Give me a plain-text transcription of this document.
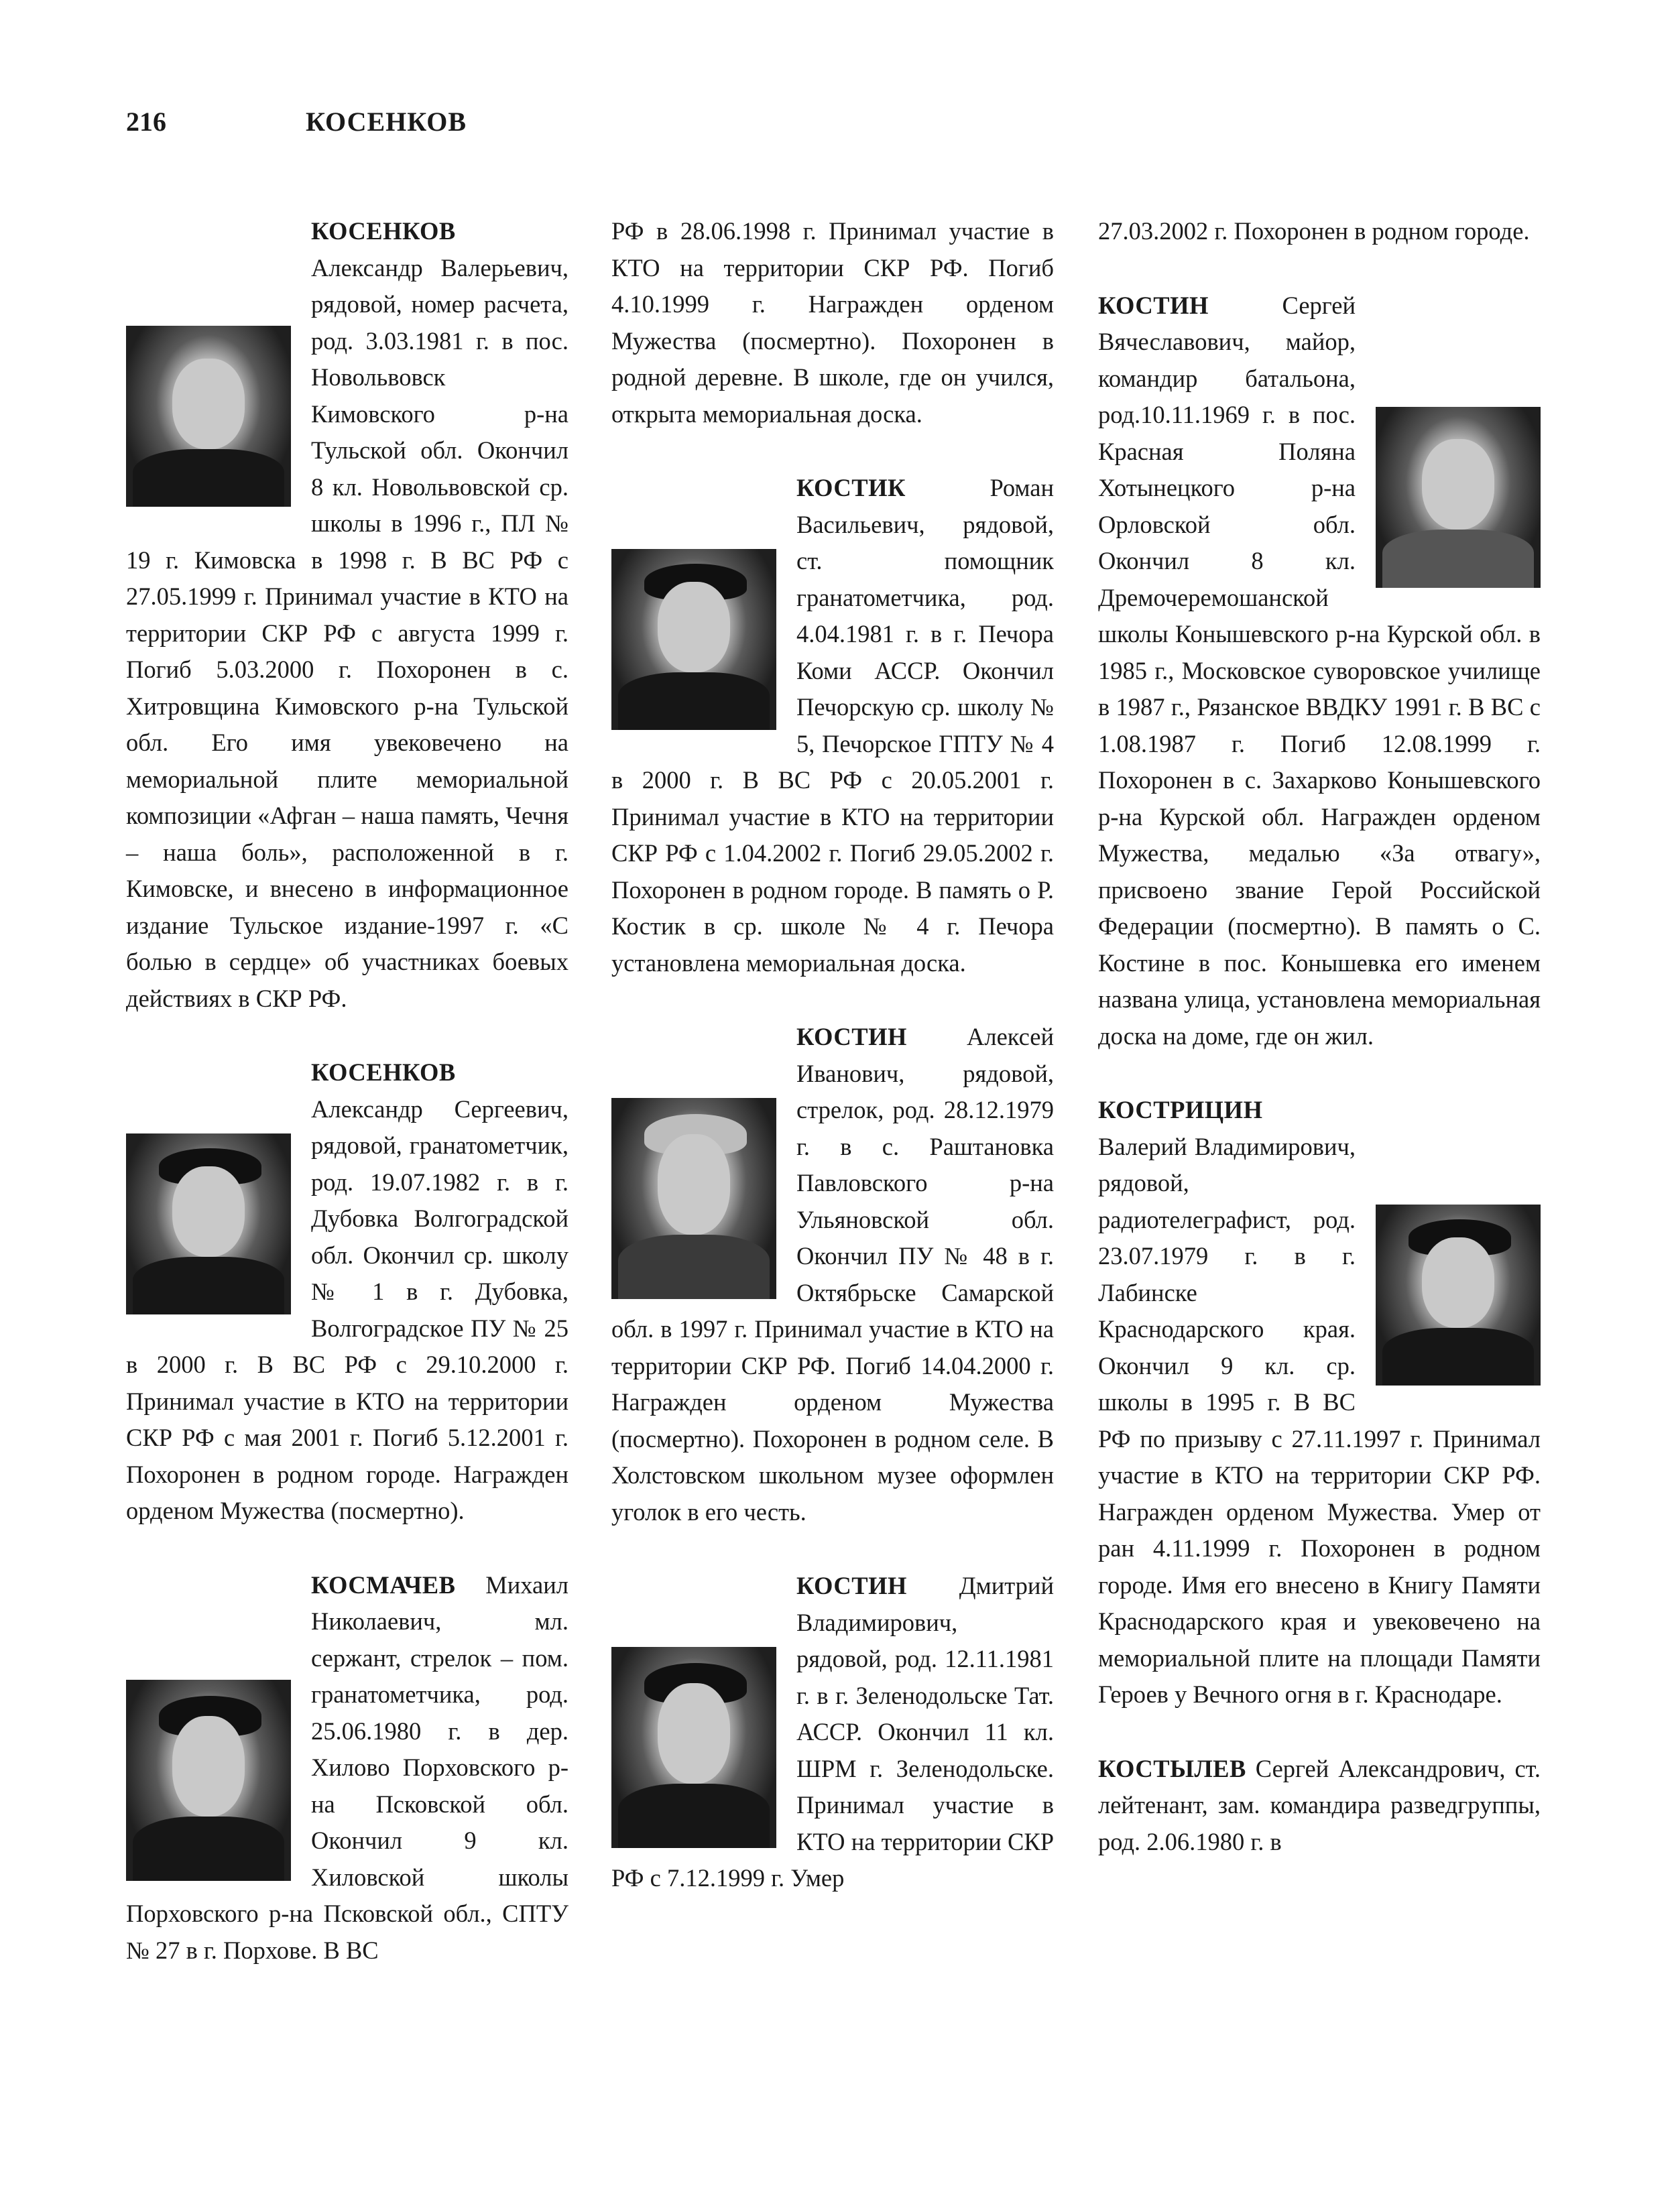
216	КОСЕНКОВ
КОСЕНКОВ Александр Валерьевич, рядовой, номер расчета, род. 3.03.1981 г. в пос. Новольвовск Кимовского р-на Тульской обл. Окончил 8 кл. Новольвовской ср. школы в 1996 г., ПЛ № 19 г. Кимовска в 1998 г. В ВС РФ с 27.05.1999 г. Принимал участие в КТО на территории СКР РФ с августа 1999 г. Погиб 5.03.2000 г. Похоронен в с. Хитровщина Кимовского р-на Тульской обл. Его имя увековечено на мемориальной плите мемориальной композиции «Афган – наша память, Чечня – наша боль», расположенной в г. Кимовске, и внесено в информационное издание Тульское издание-1997 г. «С болью в сердце» об участниках боевых действиях в СКР РФ.
КОСЕНКОВ Александр Сергеевич, рядовой, гранатометчик, род. 19.07.1982 г. в г. Дубовка Волгоградской обл. Окончил ср. школу № 1 в г. Дубовка, Волгоградское ПУ № 25 в 2000 г. В ВС РФ с 29.10.2000 г. Принимал участие в КТО на территории СКР РФ с мая 2001 г. Погиб 5.12.2001 г. Похоронен в родном городе. Награжден орденом Мужества (посмертно).
КОСМАЧЕВ Михаил Николаевич, мл. сержант, стрелок – пом. гранатометчика, род. 25.06.1980 г. в дер. Хилово Порховского р-на Псковской обл. Окончил 9 кл. Хиловской школы Порховского р-на Псковской обл., СПТУ № 27 в г. Порхове. В ВС
РФ в 28.06.1998 г. Принимал участие в КТО на территории СКР РФ. Погиб 4.10.1999 г. Награжден орденом Мужества (посмертно). Похоронен в родной деревне. В школе, где он учился, открыта мемориальная доска.
КОСТИК	Роман Васильевич, рядовой, ст. помощник гранатометчика, род. 4.04.1981 г. в г. Печора Коми АССР. Окончил Печорскую ср. школу № 5, Печорское ГПТУ № 4 в 2000 г. В ВС РФ с 20.05.2001 г. Принимал участие в КТО на территории СКР РФ с 1.04.2002 г. Погиб 29.05.2002 г. Похоронен в родном городе. В память о Р. Костик в ср. школе № 4 г. Печора установлена мемориальная доска.
КОСТИН Алексей Иванович, рядовой, стрелок, род. 28.12.1979 г. в с. Раштановка Павловского р-на Ульяновской обл. Окончил ПУ № 48 в г. Октябрьске Самарской обл. в 1997 г. Принимал участие в КТО на территории СКР РФ. Погиб 14.04.2000 г. Награжден орденом Мужества (посмертно). Похоронен в родном селе. В Холстовском школьном музее оформлен уголок в его честь.
КОСТИН Дмитрий Владимирович, рядовой, род. 12.11.1981 г. в г. Зеленодольске Тат. АССР. Окончил 11 кл. ШРМ г. Зеленодольске. Принимал участие в КТО на территории СКР РФ с 7.12.1999 г. Умер
27.03.2002 г. Похоронен в родном городе.
КОСТИН	Сергей Вячеславович, майор, командир батальона, род.10.11.1969 г. в пос. Красная Поляна Хотынецкого р-на Орловской обл. Окончил 8 кл. Дремочеремошанской школы Конышевского р-на Курской обл. в 1985 г., Московское суворовское училище в 1987 г., Рязанское ВВДКУ 1991 г. В ВС с 1.08.1987 г. Погиб 12.08.1999 г. Похоронен в с. Захарково Конышевского р-на Курской обл. Награжден орденом Мужества, медалью «За отвагу», присвоено звание Герой Российской Федерации (посмертно). В память о С. Костине в пос. Конышевка его именем названа улица, установлена мемориальная доска на доме, где он жил.
КОСТРИЦИН Валерий Владимирович, рядовой, радиотелеграфист, род. 23.07.1979 г. в г. Лабинске Краснодарского края. Окончил 9 кл. ср. школы в 1995 г. В ВС РФ по призыву с 27.11.1997 г. Принимал участие в КТО на территории СКР РФ. Награжден орденом Мужества. Умер от ран 4.11.1999 г. Похоронен в родном городе. Имя его внесено в Книгу Памяти Краснодарского края и увековечено на мемориальной плите на площади Памяти Героев у Вечного огня в г. Краснодаре.
КОСТЫЛЕВ Сергей Александрович, ст. лейтенант, зам. командира разведгруппы, род. 2.06.1980 г. в
